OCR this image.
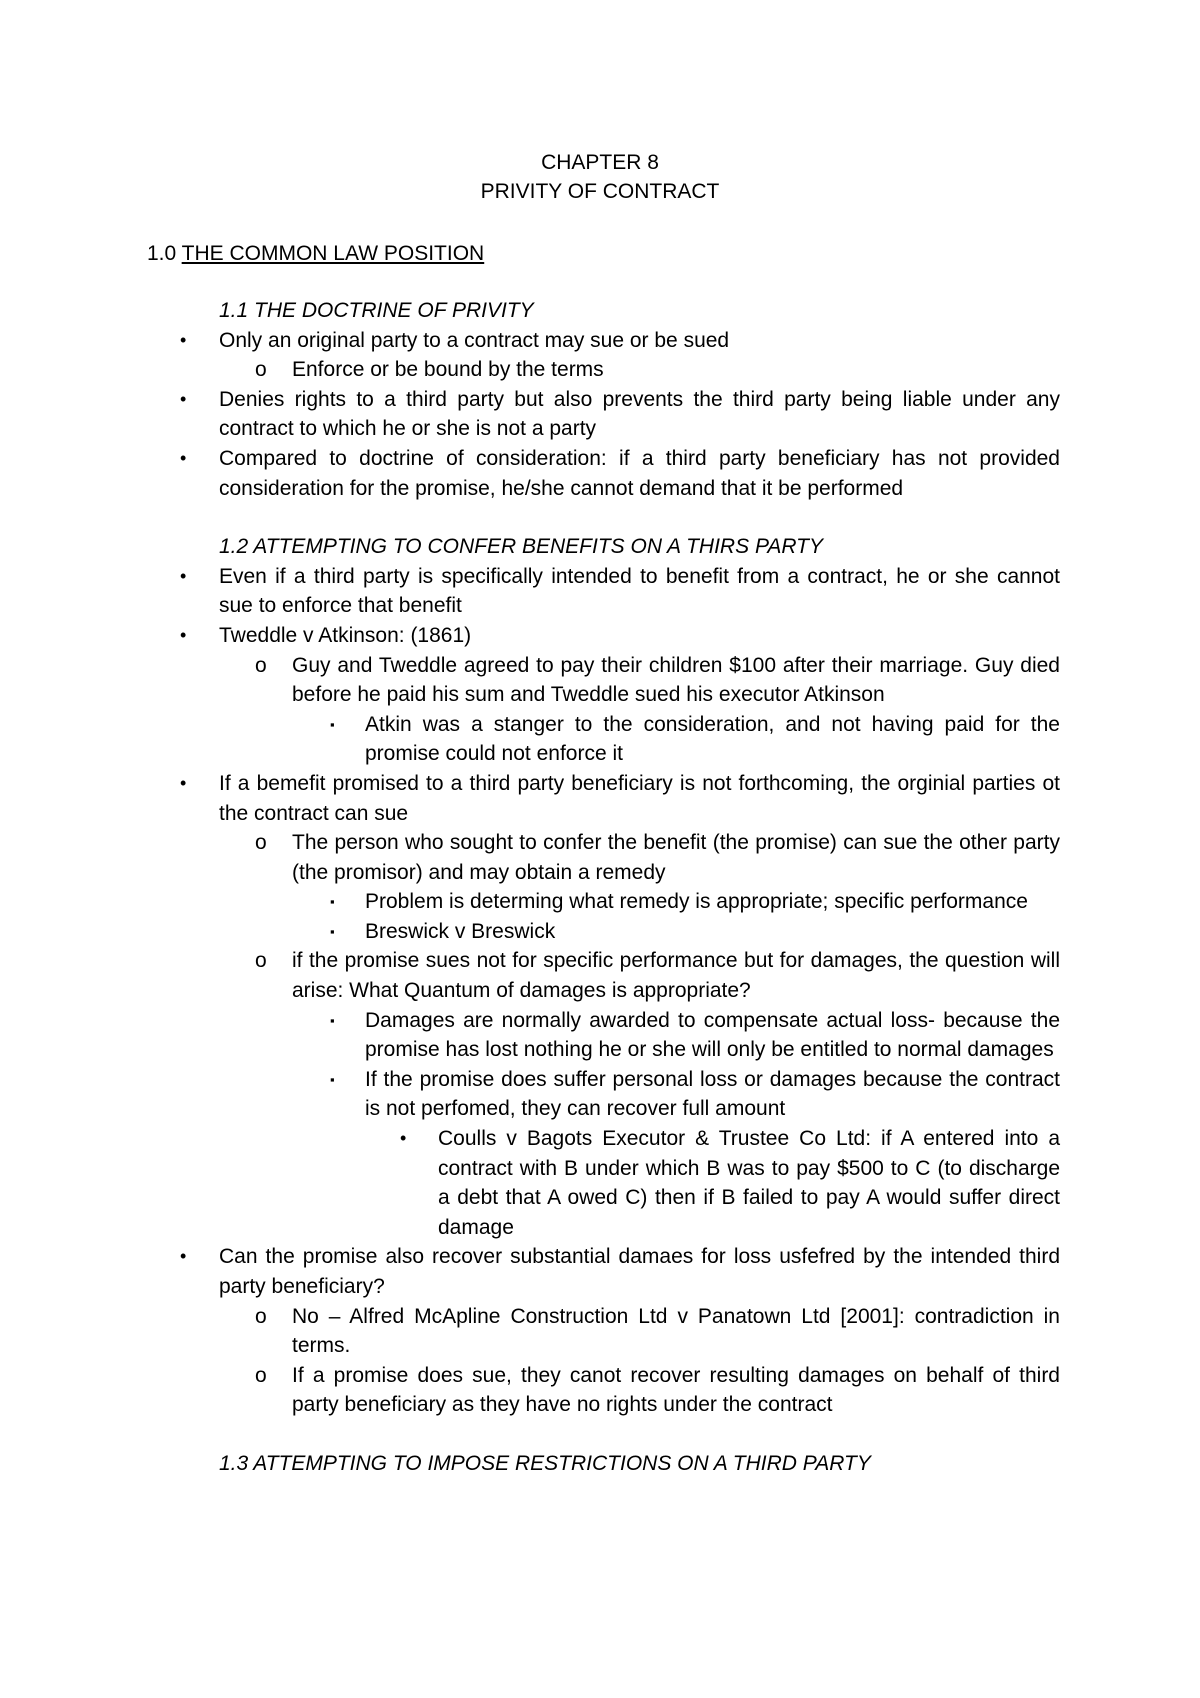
CHAPTER 8
PRIVITY OF CONTRACT
1.0 THE COMMON LAW POSITION

1.1 THE DOCTRINE OF PRIVITY

•	Only an original party to a contract may sue or be sued
o	Enforce or be bound by the terms
•	Denies rights to a third party but also prevents the third party being liable under any contract to which he or she is not a party
•	Compared to doctrine of consideration: if a third party beneficiary has not provided consideration for the promise, he/she cannot demand that it be performed

1.2 ATTEMPTING TO CONFER BENEFITS ON A THIRS PARTY

•	Even if a third party is specifically intended to benefit from a contract, he or she cannot sue to enforce that benefit
•	Tweddle v Atkinson: (1861)
o	Guy and Tweddle agreed to pay their children $100 after their marriage. Guy died before he paid his sum and Tweddle sued his executor Atkinson
▪	Atkin was a stanger to the consideration, and not having paid for the promise could not enforce it
•	If a bemefit promised to a third party beneficiary is not forthcoming, the orginial parties ot the contract can sue
o	The person who sought to confer the benefit (the promise) can sue the other party (the promisor) and may obtain a remedy
▪	Problem is determing what remedy is appropriate; specific performance
▪	Breswick v Breswick
o	if the promise sues not for specific performance but for damages, the question will arise: What Quantum of damages is appropriate?
▪	Damages are normally awarded to compensate actual loss- because the promise has lost nothing he or she will only be entitled to normal damages
▪	If the promise does suffer personal loss or damages because the contract is not perfomed, they can recover full amount
•	Coulls v Bagots Executor & Trustee Co Ltd: if A entered into a contract with B under which B was to pay $500 to C (to discharge a debt that A owed C) then if B failed to pay A would suffer direct damage
•	Can the promise also recover substantial damaes for loss usfefred by the intended third party beneficiary?
o	No – Alfred McApline Construction Ltd v Panatown Ltd [2001]: contradiction in terms.
o	If a promise does sue, they canot recover resulting damages on behalf of third party beneficiary as they have no rights under the contract

1.3 ATTEMPTING TO IMPOSE RESTRICTIONS ON A THIRD PARTY
